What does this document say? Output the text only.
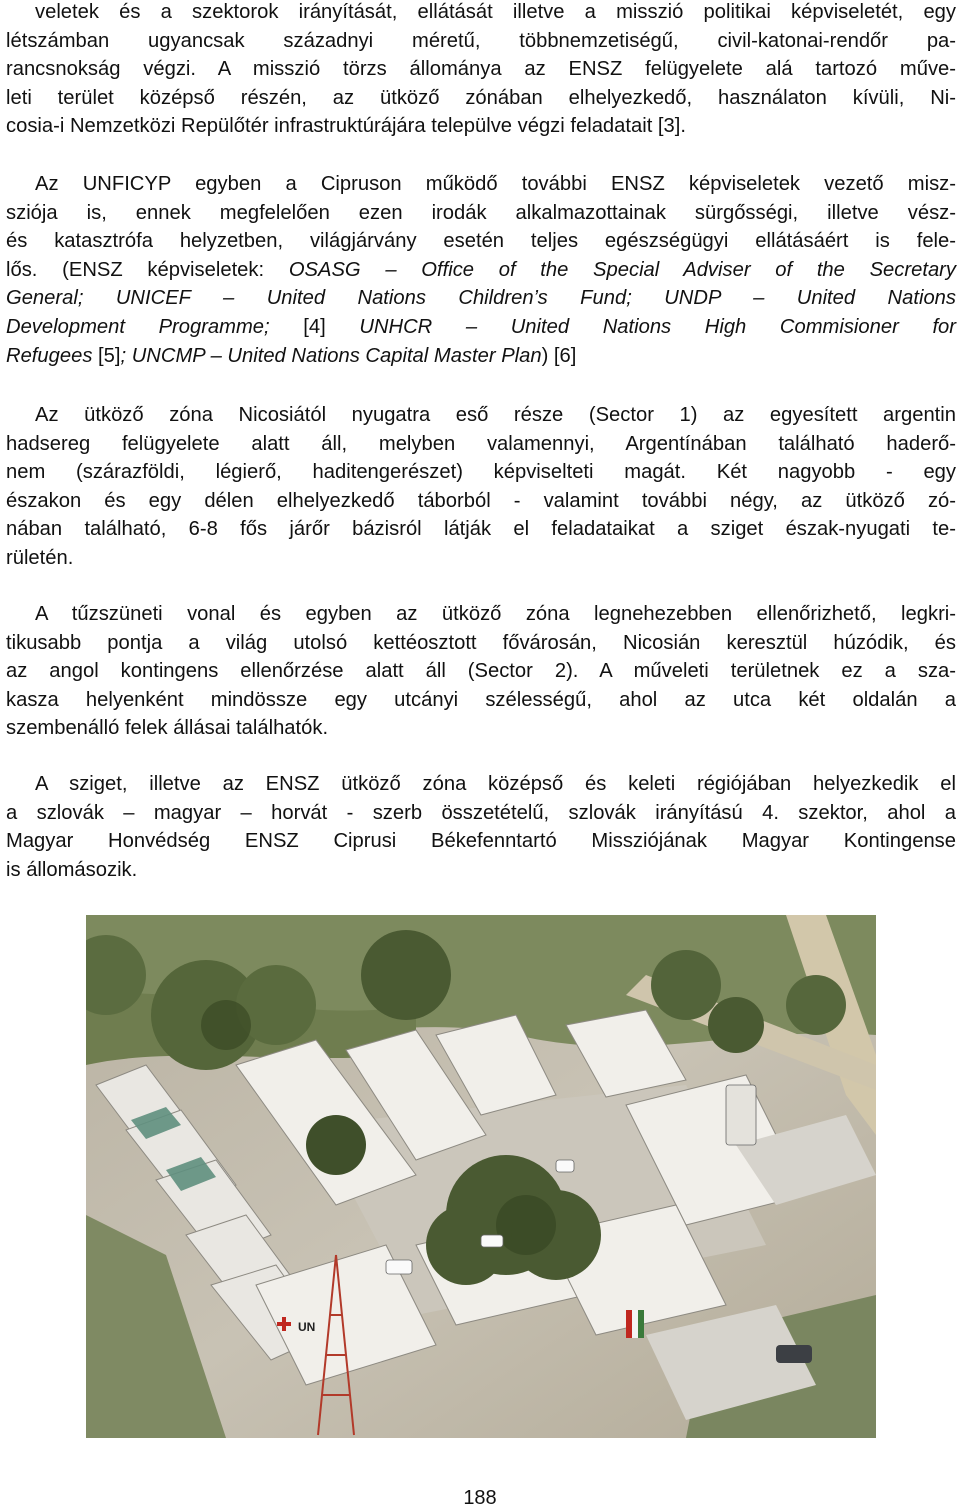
veletek és a szektorok irányítását, ellátását illetve a misszió politikai képviseletét, egy
létszámban ugyancsak századnyi méretű, többnemzetiségű, civil-katonai-rendőr pa-
rancsnokság végzi. A misszió törzs állománya az ENSZ felügyelete alá tartozó műve-
leti terület középső részén, az ütköző zónában elhelyezkedő, használaton kívüli, Ni-
cosia-i Nemzetközi Repülőtér infrastruktúrájára települve végzi feladatait [3].
Az UNFICYP egyben a Cipruson működő további ENSZ képviseletek vezető misz-
sziója is, ennek megfelelően ezen irodák alkalmazottainak sürgősségi, illetve vész-
és katasztrófa helyzetben, világjárvány esetén teljes egészségügyi ellátásáért is fele-
lős. (ENSZ képviseletek: OSASG – Office of the Special Adviser of the Secretary
General; UNICEF – United Nations Children’s Fund; UNDP – United Nations
Development Programme; [4] UNHCR – United Nations High Commisioner for
Refugees [5]; UNCMP – United Nations Capital Master Plan) [6]
Az ütköző zóna Nicosiától nyugatra eső része (Sector 1) az egyesített argentin
hadsereg felügyelete alatt áll, melyben valamennyi, Argentínában található haderő-
nem (szárazföldi, légierő, haditengerészet) képviselteti magát. Két nagyobb - egy
északon és egy délen elhelyezkedő táborból - valamint további négy, az ütköző zó-
nában található, 6-8 fős járőr bázisról látják el feladataikat a sziget észak-nyugati te-
rületén.
A tűzszüneti vonal és egyben az ütköző zóna legnehezebben ellenőrizhető, legkri-
tikusabb pontja a világ utolsó kettéosztott fővárosán, Nicosián keresztül húzódik, és
az angol kontingens ellenőrzése alatt áll (Sector 2). A műveleti területnek ez a sza-
kasza helyenként mindössze egy utcányi szélességű, ahol az utca két oldalán a
szembenálló felek állásai találhatók.
A sziget, illetve az ENSZ ütköző zóna középső és keleti régiójában helyezkedik el
a szlovák – magyar – horvát - szerb összetételű, szlovák irányítású 4. szektor, ahol a
Magyar Honvédség ENSZ Ciprusi Békefenntartó Missziójának Magyar Kontingense
is állomásozik.
UN
188
